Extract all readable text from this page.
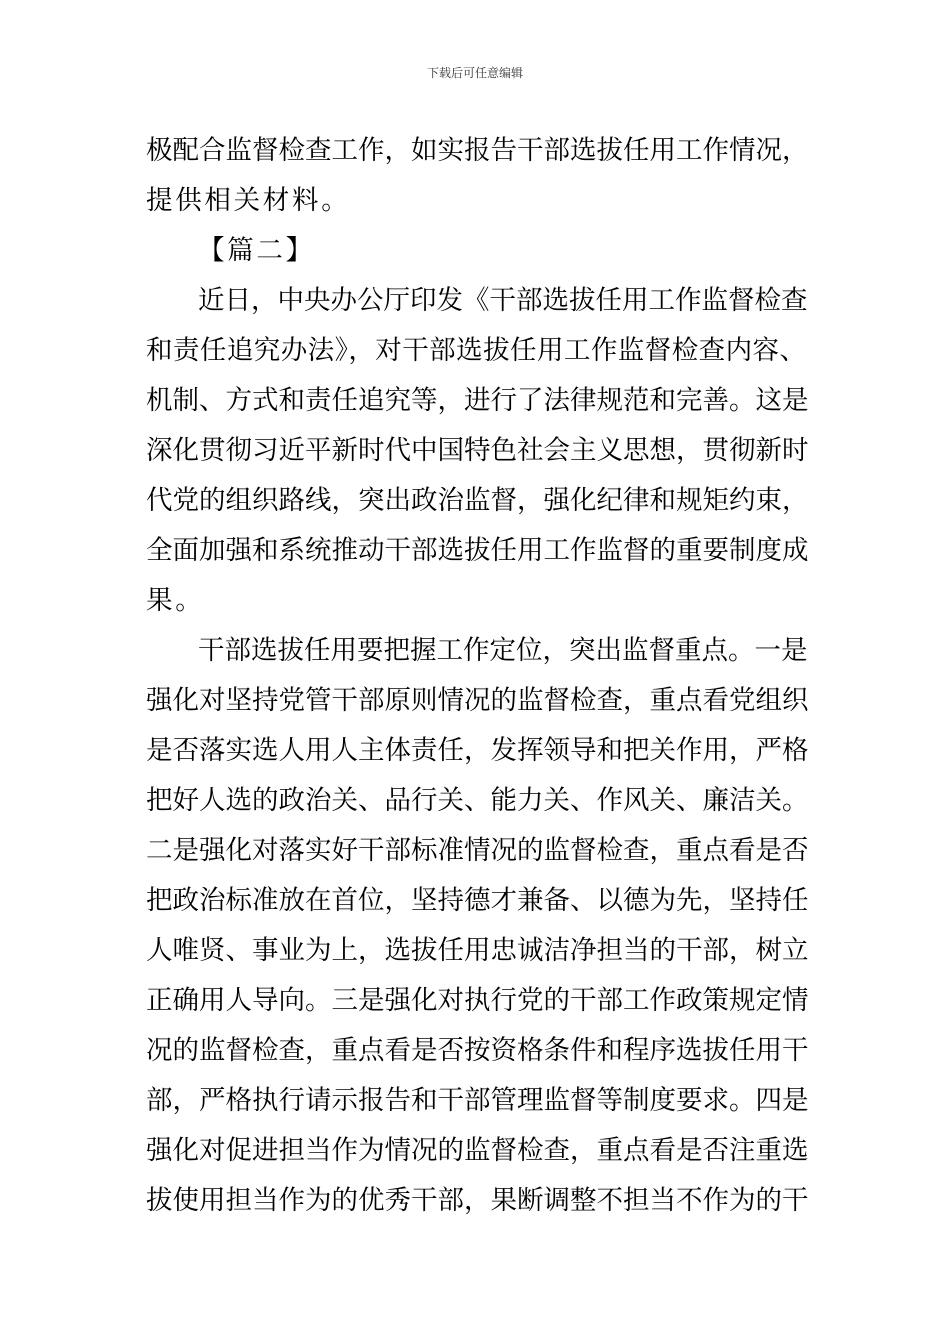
下载后可任意编辑
极配合监督检查工作，如实报告干部选拔任用工作情况，
提供相关材料。
【篇二】
近日，中央办公厅印发《干部选拔任用工作监督检查
和责任追究办法》，对干部选拔任用工作监督检查内容、
机制、方式和责任追究等，进行了法律规范和完善。这是
深化贯彻习近平新时代中国特色社会主义思想，贯彻新时
代党的组织路线，突出政治监督，强化纪律和规矩约束，
全面加强和系统推动干部选拔任用工作监督的重要制度成
果。
干部选拔任用要把握工作定位，突出监督重点。一是
强化对坚持党管干部原则情况的监督检查，重点看党组织
是否落实选人用人主体责任，发挥领导和把关作用，严格
把好人选的政治关、品行关、能力关、作风关、廉洁关。
二是强化对落实好干部标准情况的监督检查，重点看是否
把政治标准放在首位，坚持德才兼备、以德为先，坚持任
人唯贤、事业为上，选拔任用忠诚洁净担当的干部，树立
正确用人导向。三是强化对执行党的干部工作政策规定情
况的监督检查，重点看是否按资格条件和程序选拔任用干
部，严格执行请示报告和干部管理监督等制度要求。四是
强化对促进担当作为情况的监督检查，重点看是否注重选
拔使用担当作为的优秀干部，果断调整不担当不作为的干
